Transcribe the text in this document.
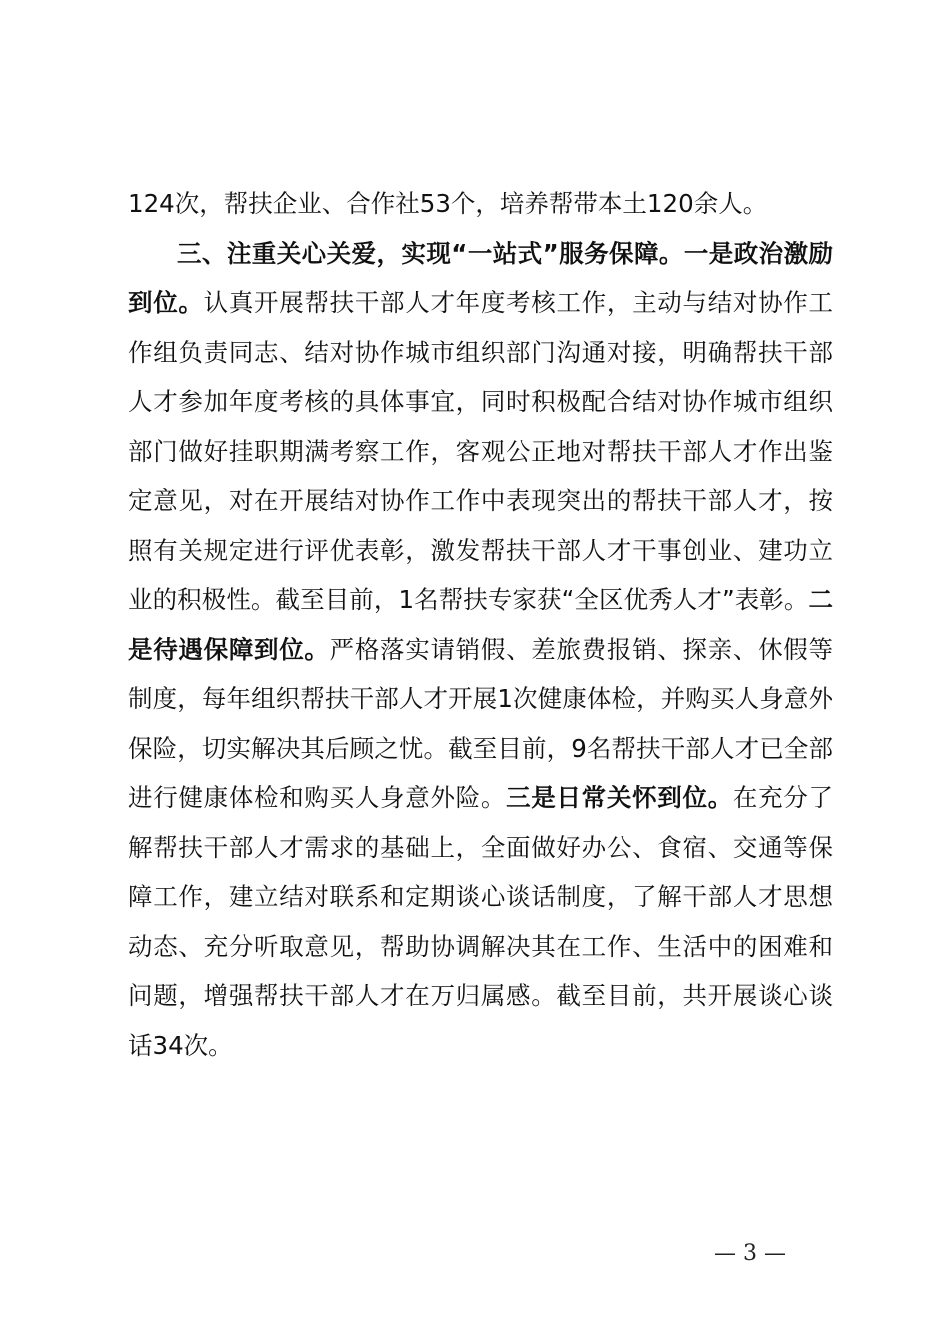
124次，帮扶企业、合作社53个，培养帮带本土120余人。

三、注重关心关爱，实现“一站式”服务保障。一是政治激励到位。认真开展帮扶干部人才年度考核工作，主动与结对协作工作组负责同志、结对协作城市组织部门沟通对接，明确帮扶干部人才参加年度考核的具体事宜，同时积极配合结对协作城市组织部门做好挂职期满考察工作，客观公正地对帮扶干部人才作出鉴定意见，对在开展结对协作工作中表现突出的帮扶干部人才，按照有关规定进行评优表彰，激发帮扶干部人才干事创业、建功立业的积极性。截至目前，1名帮扶专家获“全区优秀人才”表彰。二是待遇保障到位。严格落实请销假、差旅费报销、探亲、休假等制度，每年组织帮扶干部人才开展1次健康体检，并购买人身意外保险，切实解决其后顾之忧。截至目前，9名帮扶干部人才已全部进行健康体检和购买人身意外险。三是日常关怀到位。在充分了解帮扶干部人才需求的基础上，全面做好办公、食宿、交通等保障工作，建立结对联系和定期谈心谈话制度，了解干部人才思想动态、充分听取意见，帮助协调解决其在工作、生活中的困难和问题，增强帮扶干部人才在万归属感。截至目前，共开展谈心谈话34次。

— 3 —
